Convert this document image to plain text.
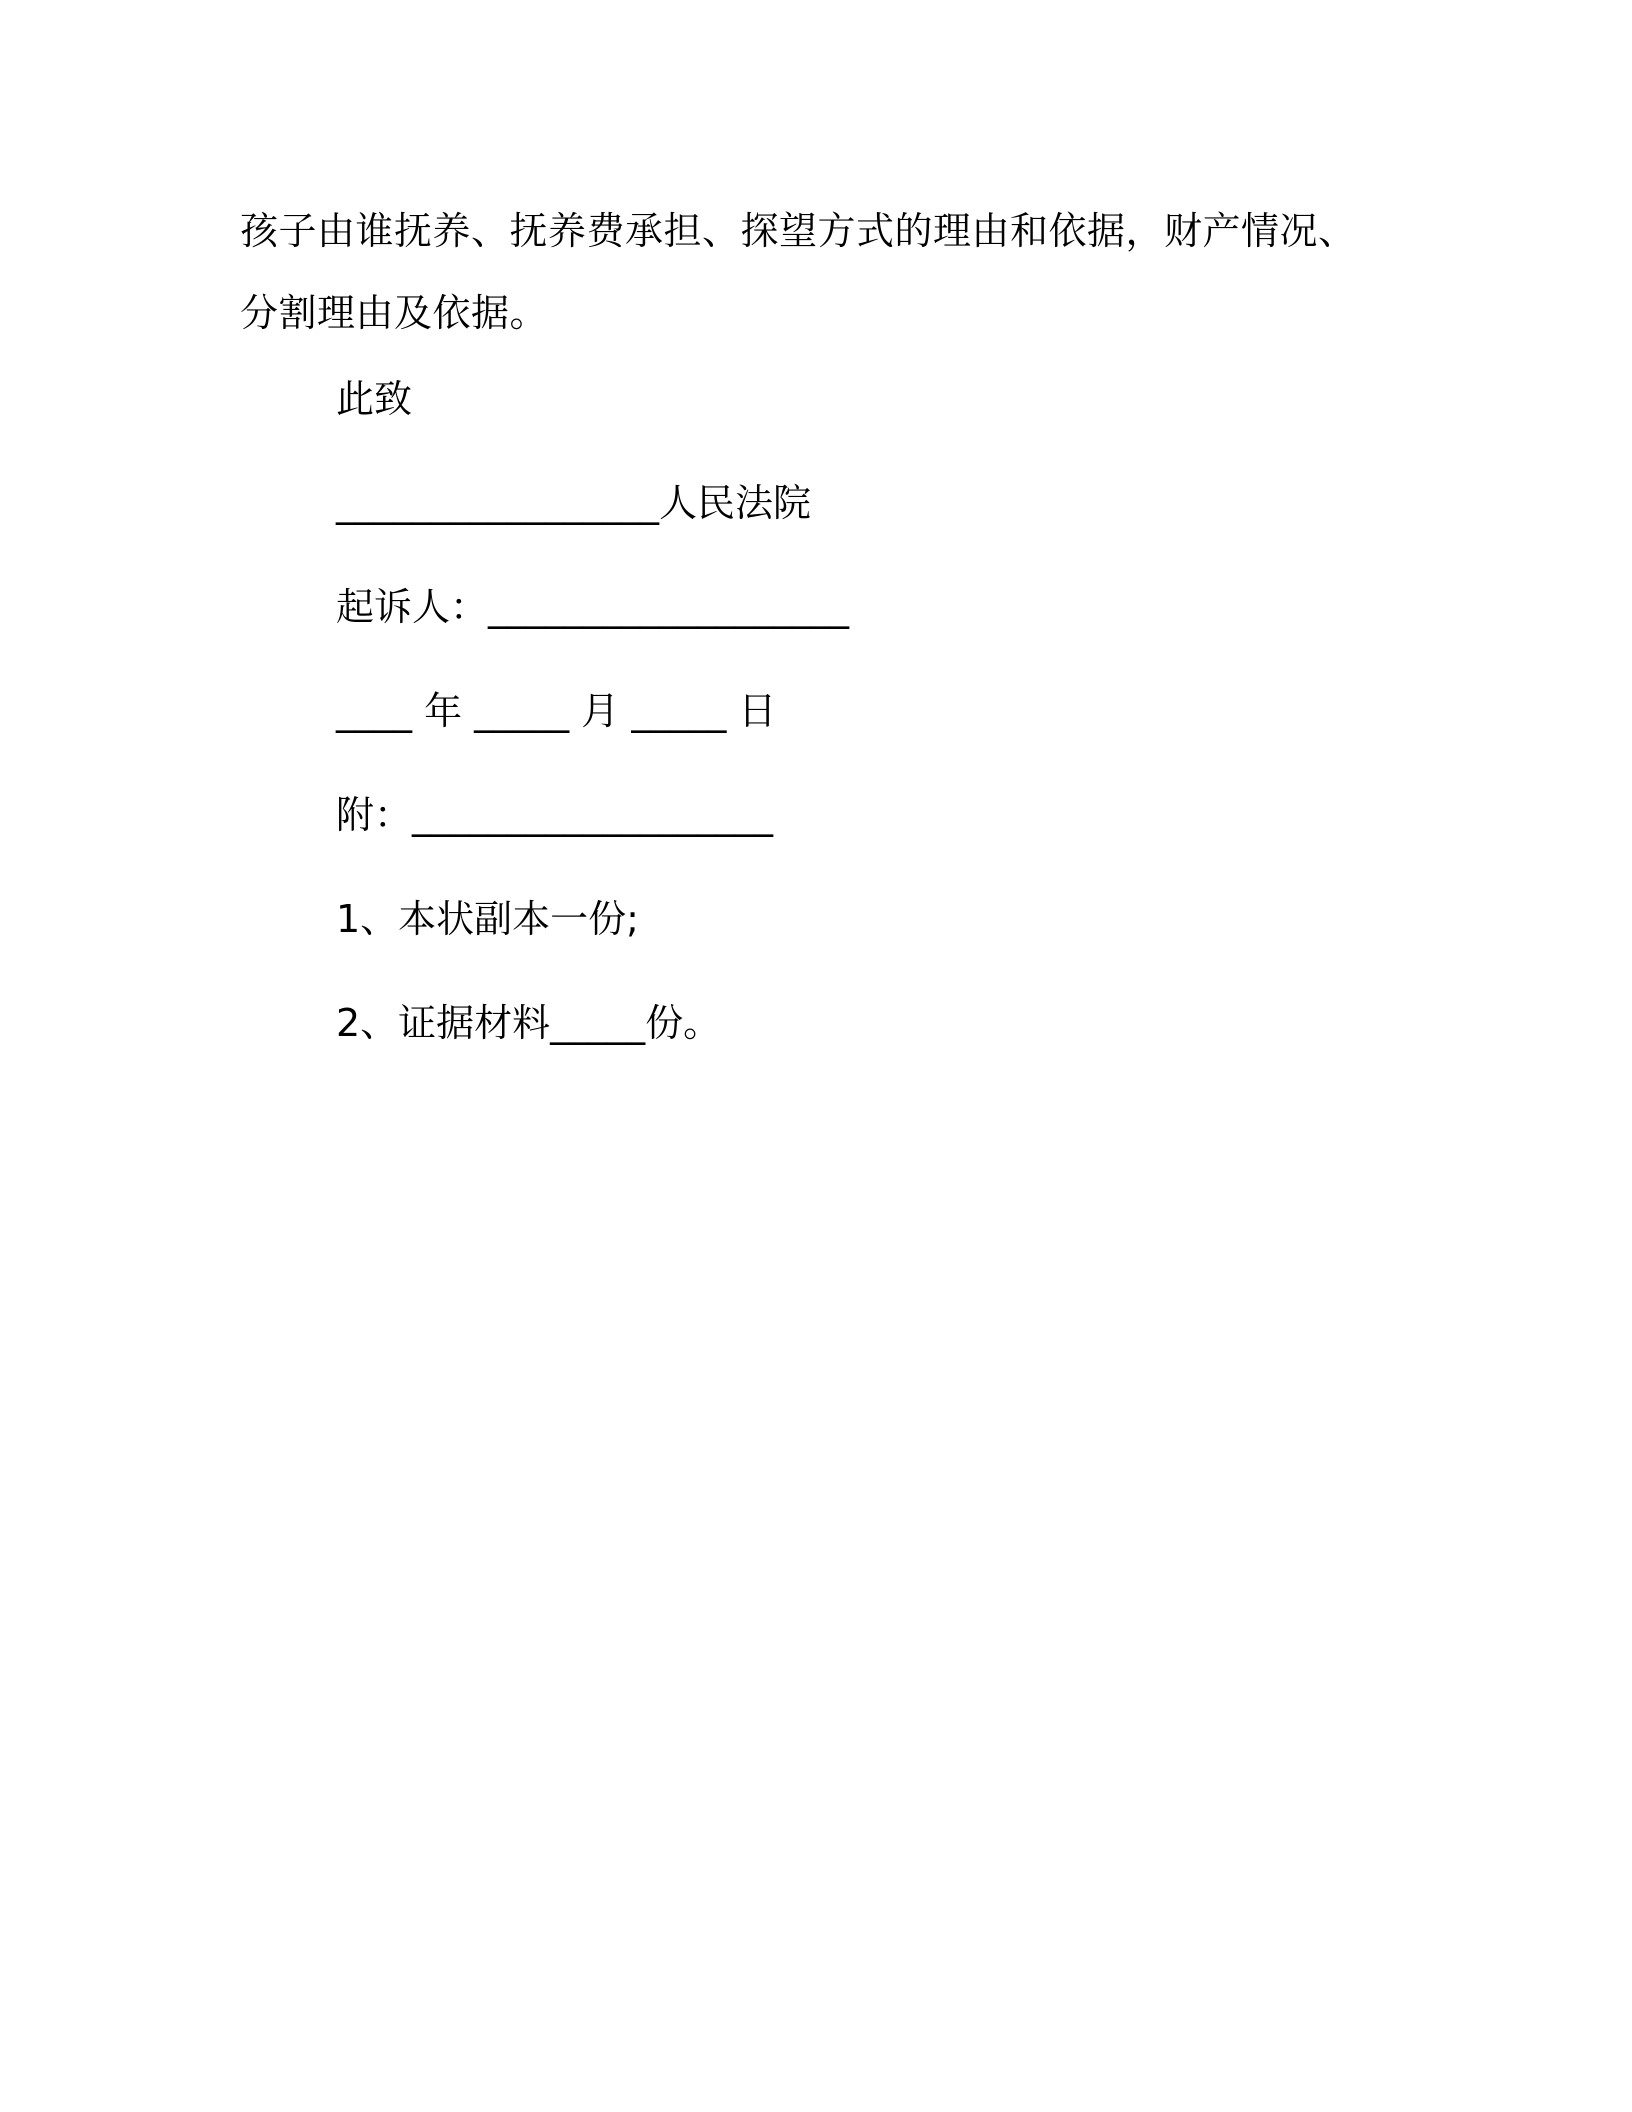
孩子由谁抚养、抚养费承担、探望方式的理由和依据，财产情况、分割理由及依据。

此致

_________________人民法院

起诉人：___________________

____ 年 _____ 月 _____ 日

附：___________________

1、本状副本一份;

2、证据材料_____份。
